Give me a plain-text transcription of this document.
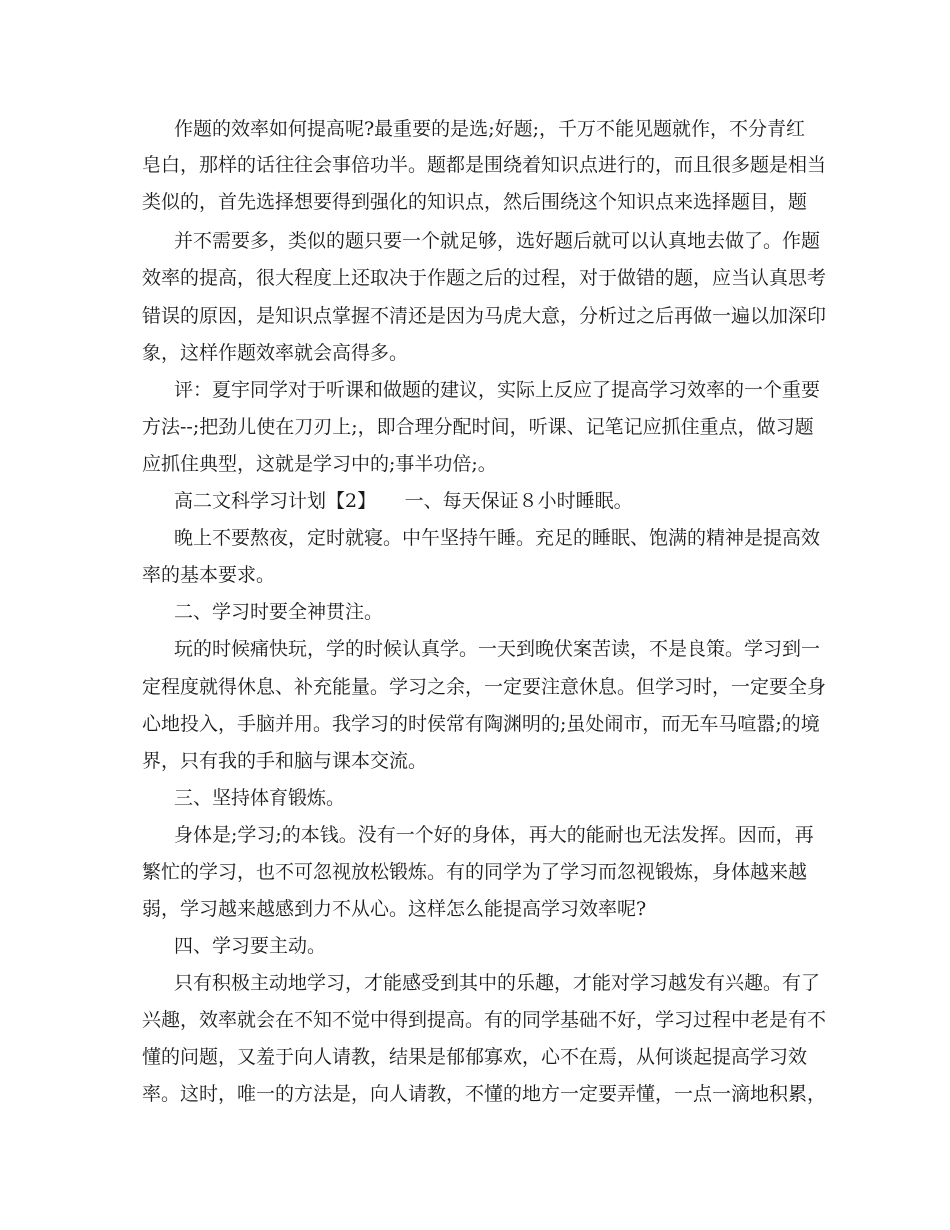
作题的效率如何提高呢?最重要的是选;好题;，千万不能见题就作，不分青红
皂白，那样的话往往会事倍功半。题都是围绕着知识点进行的，而且很多题是相当
类似的，首先选择想要得到强化的知识点，然后围绕这个知识点来选择题目，题
并不需要多，类似的题只要一个就足够，选好题后就可以认真地去做了。作题
效率的提高，很大程度上还取决于作题之后的过程，对于做错的题，应当认真思考
错误的原因，是知识点掌握不清还是因为马虎大意，分析过之后再做一遍以加深印
象，这样作题效率就会高得多。
评：夏宇同学对于听课和做题的建议，实际上反应了提高学习效率的一个重要
方法--;把劲儿使在刀刃上;，即合理分配时间，听课、记笔记应抓住重点，做习题
应抓住典型，这就是学习中的;事半功倍;。
高二文科学习计划【2】　　一、每天保证８小时睡眠。
晚上不要熬夜，定时就寝。中午坚持午睡。充足的睡眠、饱满的精神是提高效
率的基本要求。
二、学习时要全神贯注。
玩的时候痛快玩，学的时候认真学。一天到晚伏案苦读，不是良策。学习到一
定程度就得休息、补充能量。学习之余，一定要注意休息。但学习时，一定要全身
心地投入，手脑并用。我学习的时侯常有陶渊明的;虽处闹市，而无车马喧嚣;的境
界，只有我的手和脑与课本交流。
三、坚持体育锻炼。
身体是;学习;的本钱。没有一个好的身体，再大的能耐也无法发挥。因而，再
繁忙的学习，也不可忽视放松锻炼。有的同学为了学习而忽视锻炼，身体越来越
弱，学习越来越感到力不从心。这样怎么能提高学习效率呢?
四、学习要主动。
只有积极主动地学习，才能感受到其中的乐趣，才能对学习越发有兴趣。有了
兴趣，效率就会在不知不觉中得到提高。有的同学基础不好，学习过程中老是有不
懂的问题，又羞于向人请教，结果是郁郁寡欢，心不在焉，从何谈起提高学习效
率。这时，唯一的方法是，向人请教，不懂的地方一定要弄懂，一点一滴地积累，
